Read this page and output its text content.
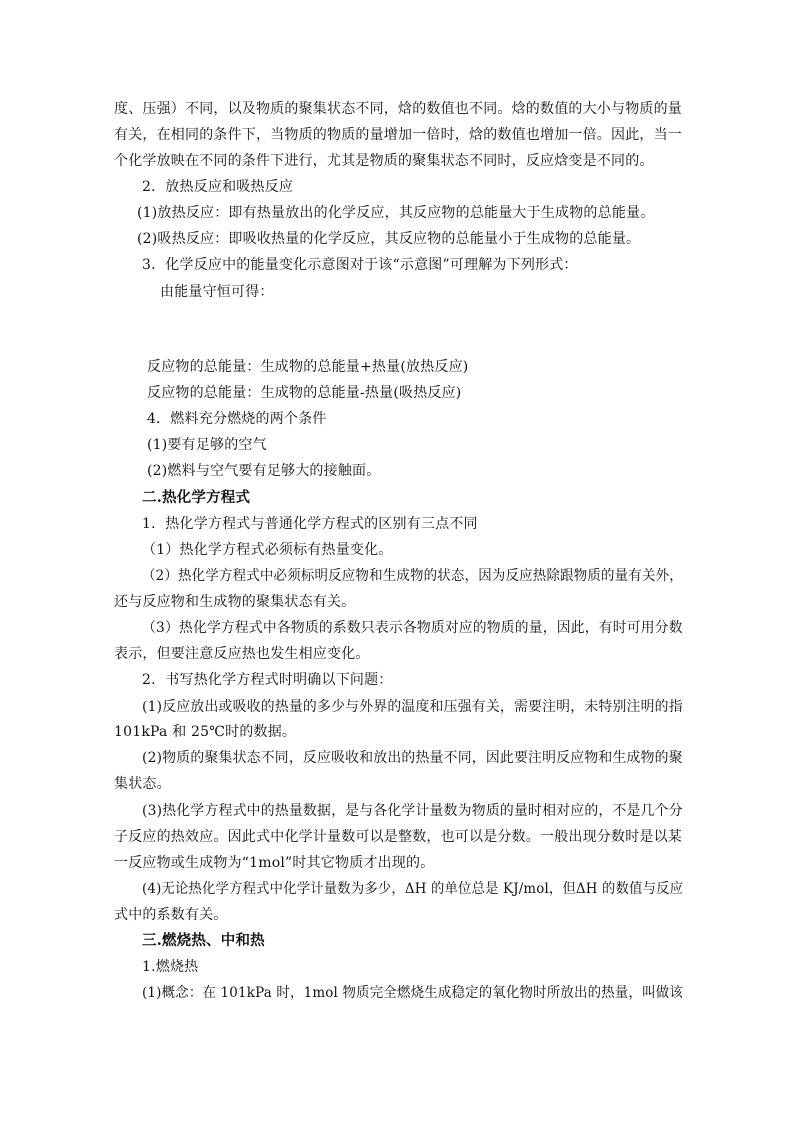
度、压强）不同，以及物质的聚集状态不同，焓的数值也不同。焓的数值的大小与物质的量
有关，在相同的条件下，当物质的物质的量增加一倍时，焓的数值也增加一倍。因此，当一
个化学放映在不同的条件下进行，尤其是物质的聚集状态不同时，反应焓变是不同的。
2．放热反应和吸热反应
(1)放热反应：即有热量放出的化学反应，其反应物的总能量大于生成物的总能量。
(2)吸热反应：即吸收热量的化学反应，其反应物的总能量小于生成物的总能量。
3．化学反应中的能量变化示意图对于该“示意图”可理解为下列形式：
由能量守恒可得：
反应物的总能量：生成物的总能量+热量(放热反应)
反应物的总能量：生成物的总能量-热量(吸热反应)
4．燃料充分燃烧的两个条件
(1)要有足够的空气
(2)燃料与空气要有足够大的接触面。
二.热化学方程式
1．热化学方程式与普通化学方程式的区别有三点不同
（1）热化学方程式必须标有热量变化。
（2）热化学方程式中必须标明反应物和生成物的状态，因为反应热除跟物质的量有关外，
还与反应物和生成物的聚集状态有关。
（3）热化学方程式中各物质的系数只表示各物质对应的物质的量，因此，有时可用分数
表示，但要注意反应热也发生相应变化。
2．书写热化学方程式时明确以下问题：
(1)反应放出或吸收的热量的多少与外界的温度和压强有关，需要注明，未特别注明的指
101kPa 和 25℃时的数据。
(2)物质的聚集状态不同，反应吸收和放出的热量不同，因此要注明反应物和生成物的聚
集状态。
(3)热化学方程式中的热量数据，是与各化学计量数为物质的量时相对应的，不是几个分
子反应的热效应。因此式中化学计量数可以是整数，也可以是分数。一般出现分数时是以某
一反应物或生成物为“1mol”时其它物质才出现的。
(4)无论热化学方程式中化学计量数为多少，ΔH 的单位总是 KJ/mol，但ΔH 的数值与反应
式中的系数有关。
三.燃烧热、中和热
1.燃烧热
(1)概念：在 101kPa 时，1mol 物质完全燃烧生成稳定的氧化物时所放出的热量，叫做该
